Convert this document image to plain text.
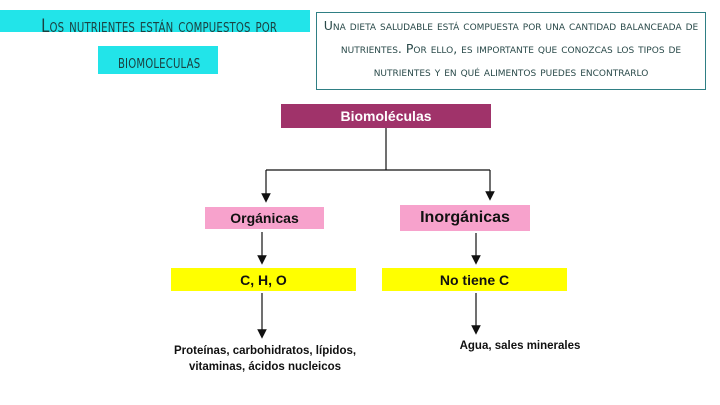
Los nutrientes están compuestos por
biomoleculas
Una dieta saludable está compuesta por una cantidad balanceada de
nutrientes. Por ello, es importante que conozcas los tipos de
nutrientes y en qué alimentos puedes encontrarlo
Biomoléculas
Orgánicas	Inorgánicas
C, H, O	No tiene C
Proteínas, carbohidratos, lípidos,
vitaminas, ácidos nucleicos
Agua, sales minerales
